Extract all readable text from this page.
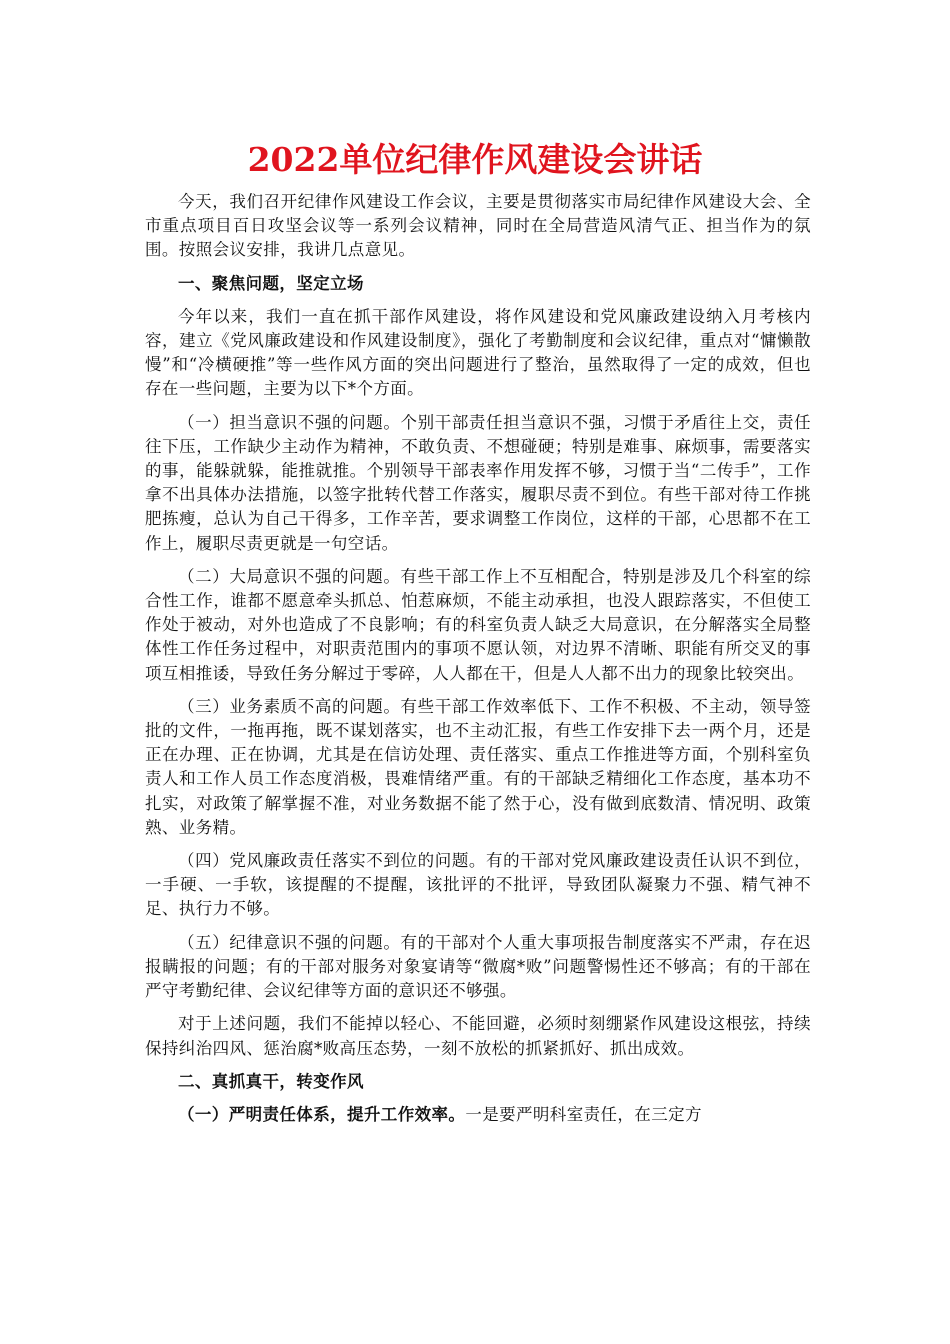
2022单位纪律作风建设会讲话

今天，我们召开纪律作风建设工作会议，主要是贯彻落实市局纪律作风建设大会、全市重点项目百日攻坚会议等一系列会议精神，同时在全局营造风清气正、担当作为的氛围。按照会议安排，我讲几点意见。

一、聚焦问题，坚定立场

今年以来，我们一直在抓干部作风建设，将作风建设和党风廉政建设纳入月考核内容，建立《党风廉政建设和作风建设制度》，强化了考勤制度和会议纪律，重点对“慵懒散慢”和“冷横硬推”等一些作风方面的突出问题进行了整治，虽然取得了一定的成效，但也存在一些问题，主要为以下*个方面。

（一）担当意识不强的问题。个别干部责任担当意识不强，习惯于矛盾往上交，责任往下压，工作缺少主动作为精神，不敢负责、不想碰硬；特别是难事、麻烦事，需要落实的事，能躲就躲，能推就推。个别领导干部表率作用发挥不够，习惯于当“二传手”，工作拿不出具体办法措施，以签字批转代替工作落实，履职尽责不到位。有些干部对待工作挑肥拣瘦，总认为自己干得多，工作辛苦，要求调整工作岗位，这样的干部，心思都不在工作上，履职尽责更就是一句空话。

（二）大局意识不强的问题。有些干部工作上不互相配合，特别是涉及几个科室的综合性工作，谁都不愿意牵头抓总、怕惹麻烦，不能主动承担，也没人跟踪落实，不但使工作处于被动，对外也造成了不良影响；有的科室负责人缺乏大局意识，在分解落实全局整体性工作任务过程中，对职责范围内的事项不愿认领，对边界不清晰、职能有所交叉的事项互相推诿，导致任务分解过于零碎，人人都在干，但是人人都不出力的现象比较突出。

（三）业务素质不高的问题。有些干部工作效率低下、工作不积极、不主动，领导签批的文件，一拖再拖，既不谋划落实，也不主动汇报，有些工作安排下去一两个月，还是正在办理、正在协调，尤其是在信访处理、责任落实、重点工作推进等方面，个别科室负责人和工作人员工作态度消极，畏难情绪严重。有的干部缺乏精细化工作态度，基本功不扎实，对政策了解掌握不准，对业务数据不能了然于心，没有做到底数清、情况明、政策熟、业务精。

（四）党风廉政责任落实不到位的问题。有的干部对党风廉政建设责任认识不到位，一手硬、一手软，该提醒的不提醒，该批评的不批评，导致团队凝聚力不强、精气神不足、执行力不够。

（五）纪律意识不强的问题。有的干部对个人重大事项报告制度落实不严肃，存在迟报瞒报的问题；有的干部对服务对象宴请等“微腐*败”问题警惕性还不够高；有的干部在严守考勤纪律、会议纪律等方面的意识还不够强。

对于上述问题，我们不能掉以轻心、不能回避，必须时刻绷紧作风建设这根弦，持续保持纠治四风、惩治腐*败高压态势，一刻不放松的抓紧抓好、抓出成效。

二、真抓真干，转变作风

（一）严明责任体系，提升工作效率。一是要严明科室责任，在三定方
